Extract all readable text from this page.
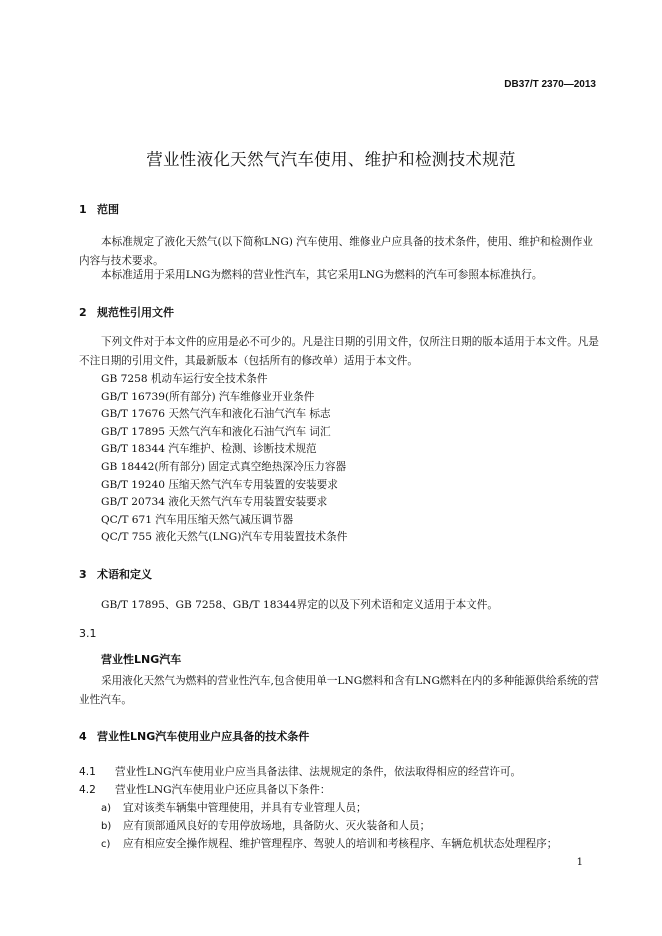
DB37/T 2370—2013
营业性液化天然气汽车使用、维护和检测技术规范
1 范围
本标准规定了液化天然气(以下简称LNG) 汽车使用、维修业户应具备的技术条件，使用、维护和检测作业内容与技术要求。
本标准适用于采用LNG为燃料的营业性汽车，其它采用LNG为燃料的汽车可参照本标准执行。
2 规范性引用文件
下列文件对于本文件的应用是必不可少的。凡是注日期的引用文件，仅所注日期的版本适用于本文件。凡是不注日期的引用文件，其最新版本（包括所有的修改单）适用于本文件。
GB 7258 机动车运行安全技术条件
GB/T 16739(所有部分) 汽车维修业开业条件
GB/T 17676 天然气汽车和液化石油气汽车 标志
GB/T 17895 天然气汽车和液化石油气汽车 词汇
GB/T 18344 汽车维护、检测、诊断技术规范
GB 18442(所有部分) 固定式真空绝热深冷压力容器
GB/T 19240 压缩天然气汽车专用装置的安装要求
GB/T 20734 液化天然气汽车专用装置安装要求
QC/T 671 汽车用压缩天然气减压调节器
QC/T 755 液化天然气(LNG)汽车专用装置技术条件
3 术语和定义
GB/T 17895、GB 7258、GB/T 18344界定的以及下列术语和定义适用于本文件。
3.1
营业性LNG汽车
采用液化天然气为燃料的营业性汽车,包含使用单一LNG燃料和含有LNG燃料在内的多种能源供给系统的营业性汽车。
4 营业性LNG汽车使用业户应具备的技术条件
4.1 营业性LNG汽车使用业户应当具备法律、法规规定的条件，依法取得相应的经营许可。
4.2 营业性LNG汽车使用业户还应具备以下条件：
a) 宜对该类车辆集中管理使用，并具有专业管理人员；
b) 应有顶部通风良好的专用停放场地，具备防火、灭火装备和人员；
c) 应有相应安全操作规程、维护管理程序、驾驶人的培训和考核程序、车辆危机状态处理程序；
1
